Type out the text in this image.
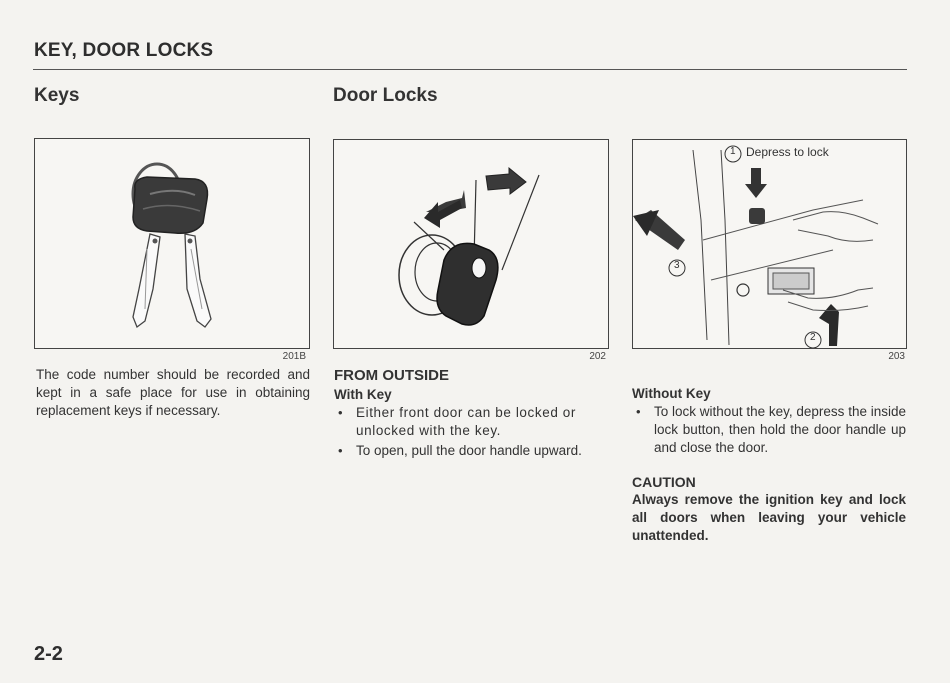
KEY, DOOR LOCKS
Keys	Door Locks
201B	202
1 Depress to lock
3
2
203
The code number should be recorded and kept in a safe place for use in obtaining replacement keys if necessary.
FROM OUTSIDE
With Key
• Either front door can be locked or unlocked with the key.
• To open, pull the door handle upward.
Without Key
• To lock without the key, depress the inside lock button, then hold the door handle up and close the door.
CAUTION
Always remove the ignition key and lock all doors when leaving your vehicle unattended.
2-2
